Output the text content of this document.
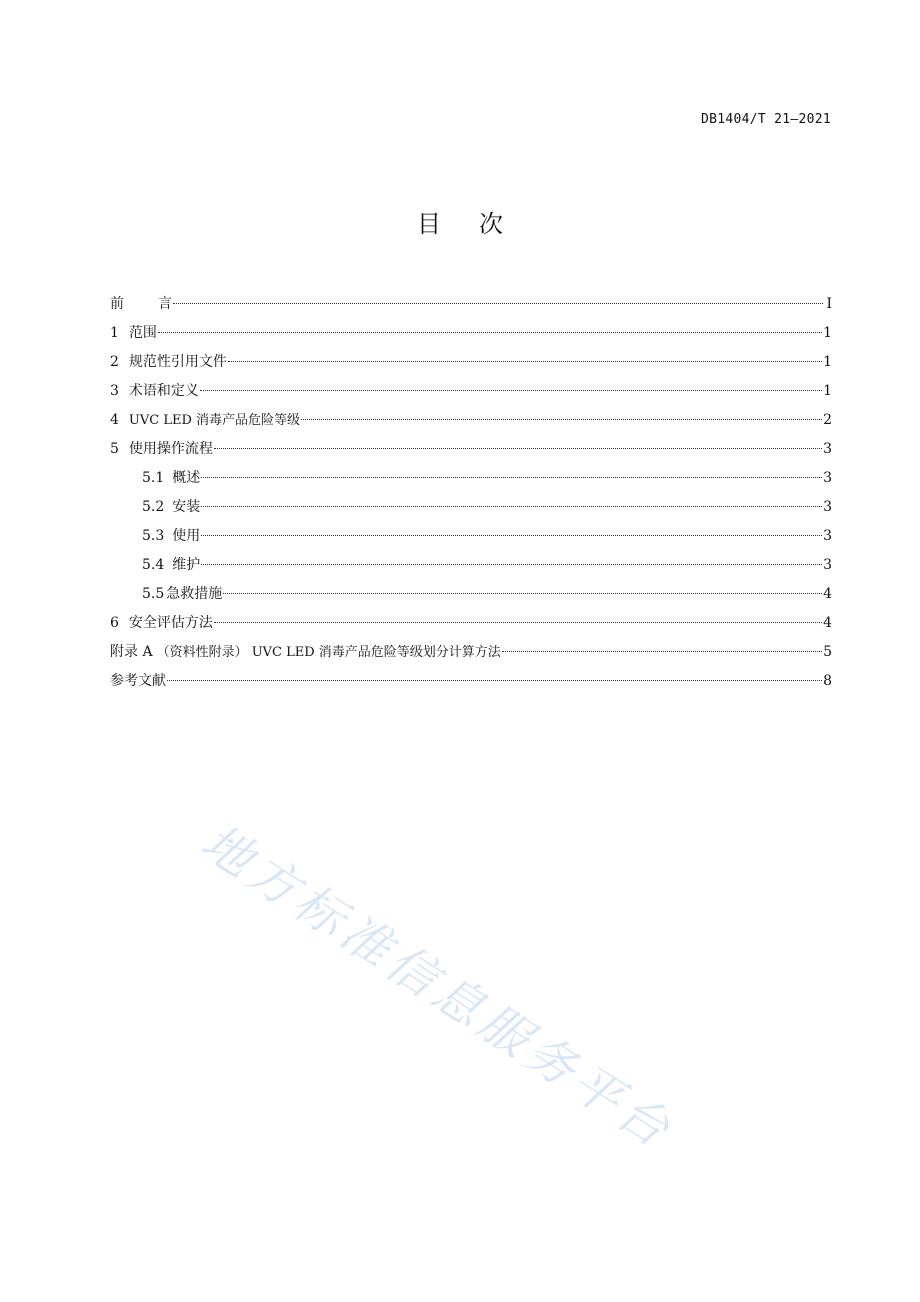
DB1404/T 21—2021
目 次
前言	I
1 范围	1
2 规范性引用文件	1
3 术语和定义	1
4 UVC LED 消毒产品危险等级	2
5 使用操作流程	3
5.1 概述	3
5.2 安装	3
5.3 使用	3
5.4 维护	3
5.5 急救措施	4
6 安全评估方法	4
附录 A （资料性附录） UVC LED 消毒产品危险等级划分计算方法	5
参考文献	8
地方标准信息服务平台
